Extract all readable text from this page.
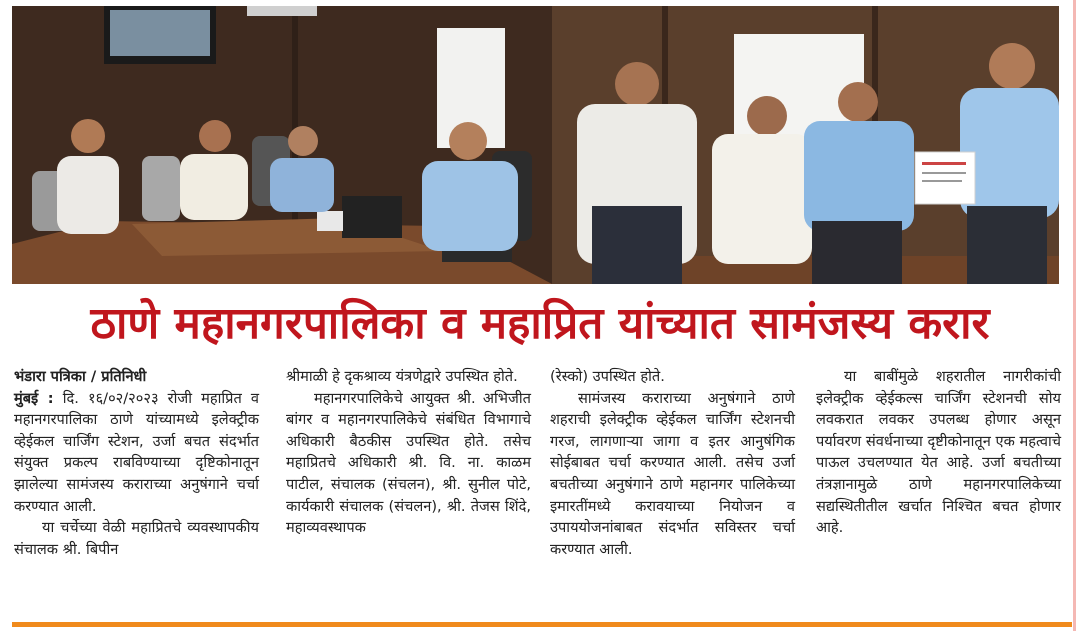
ठाणे महानगरपालिका व महाप्रित यांच्यात सामंजस्य करार

भंडारा पत्रिका / प्रतिनिधी

मुंबई : दि. १६/०२/२०२३ रोजी महाप्रित व महानगरपालिका ठाणे यांच्यामध्ये इलेक्ट्रीक व्हेईकल चार्जिंग स्टेशन, उर्जा बचत संदर्भात संयुक्त प्रकल्प राबविण्याच्या दृष्टिकोनातून झालेल्या सामंजस्य कराराच्या अनुषंगाने चर्चा करण्यात आली.

या चर्चेच्या वेळी महाप्रितचे व्यवस्थापकीय संचालक श्री. बिपीन

श्रीमाळी हे दृकश्राव्य यंत्रणेद्वारे उपस्थित होते.

महानगरपालिकेचे आयुक्त श्री. अभिजीत बांगर व महानगरपालिकेचे संबंधित विभागाचे अधिकारी बैठकीस उपस्थित होते. तसेच महाप्रितचे अधिकारी श्री. वि. ना. काळम पाटील, संचालक (संचलन), श्री. सुनील पोटे, कार्यकारी संचालक (संचलन), श्री. तेजस शिंदे, महाव्यवस्थापक

(रेस्को) उपस्थित होते.

सामंजस्य कराराच्या अनुषंगाने ठाणे शहराची इलेक्ट्रीक व्हेईकल चार्जिंग स्टेशनची गरज, लागणाऱ्या जागा व इतर आनुषंगिक सोईबाबत चर्चा करण्यात आली. तसेच उर्जा बचतीच्या अनुषंगाने ठाणे महानगर पालिकेच्या इमारतींमध्ये करावयाच्या नियोजन व उपाययोजनांबाबत संदर्भात सविस्तर चर्चा करण्यात आली.

या बाबींमुळे शहरातील नागरीकांची इलेक्ट्रीक व्हेईकल्स चार्जिंग स्टेशनची सोय लवकरात लवकर उपलब्ध होणार असून पर्यावरण संवर्धनाच्या दृष्टीकोनातून एक महत्वाचे पाऊल उचलण्यात येत आहे. उर्जा बचतीच्या तंत्रज्ञानामुळे ठाणे महानगरपालिकेच्या सद्यस्थितीतील खर्चात निश्चित बचत होणार आहे.
